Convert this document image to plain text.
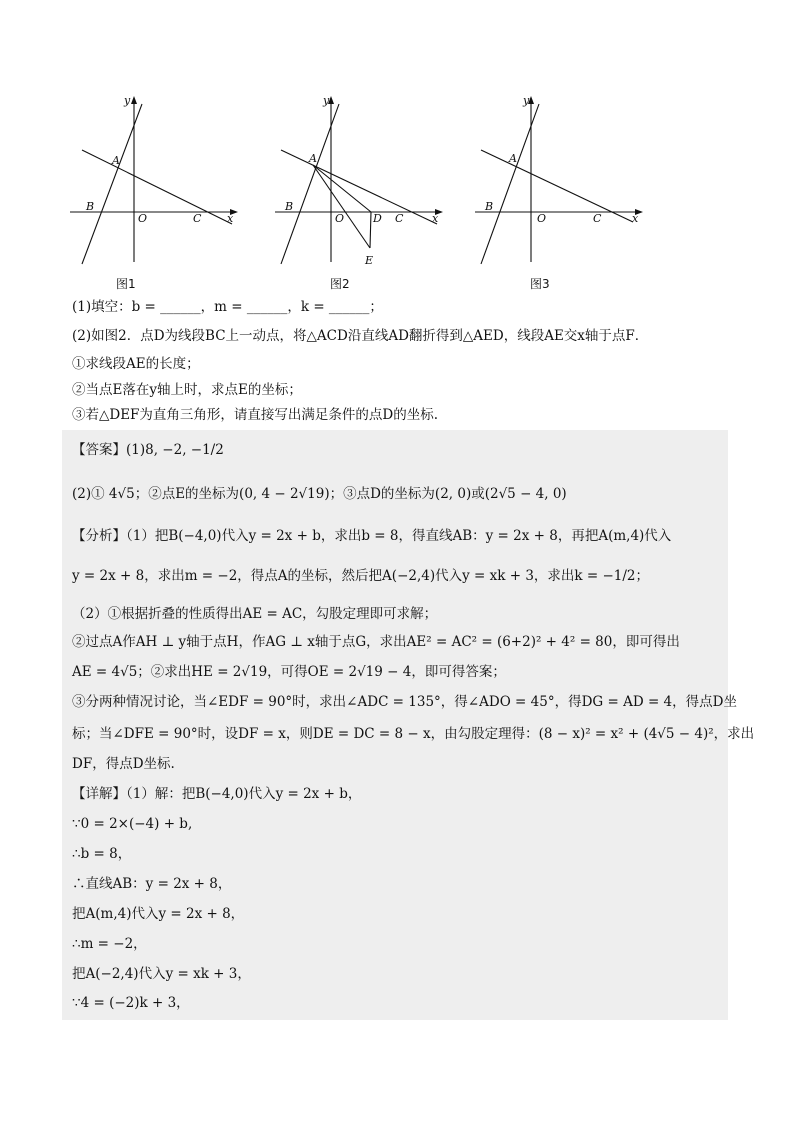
y
x
A
B
O	C
y
x
A
B
O	D C
E
y
x
A
B
O	C
图1	图2	图3
(1)填空：b = ______，m = ______，k = ______；
(2)如图2．点D为线段BC上一动点，将△ACD沿直线AD翻折得到△AED，线段AE交x轴于点F．
①求线段AE的长度；
②当点E落在y轴上时，求点E的坐标；
③若△DEF为直角三角形，请直接写出满足条件的点D的坐标.
【答案】(1)8, −2, −1/2
(2)① 4√5；②点E的坐标为(0, 4 − 2√19)；③点D的坐标为(2, 0)或(2√5 − 4, 0)
【分析】（1）把B(−4,0)代入y = 2x + b，求出b = 8，得直线AB：y = 2x + 8，再把A(m,4)代入
y = 2x + 8，求出m = −2，得点A的坐标，然后把A(−2,4)代入y = xk + 3，求出k = −1/2；
（2）①根据折叠的性质得出AE = AC，勾股定理即可求解；
②过点A作AH ⊥ y轴于点H，作AG ⊥ x轴于点G，求出AE² = AC² = (6+2)² + 4² = 80，即可得出
AE = 4√5；②求出HE = 2√19，可得OE = 2√19 − 4，即可得答案；
③分两种情况讨论，当∠EDF = 90°时，求出∠ADC = 135°，得∠ADO = 45°，得DG = AD = 4，得点D坐
标；当∠DFE = 90°时，设DF = x，则DE = DC = 8 − x，由勾股定理得：(8 − x)² = x² + (4√5 − 4)²，求出
DF，得点D坐标.
【详解】（1）解：把B(−4,0)代入y = 2x + b，
∵0 = 2×(−4) + b,
∴b = 8，
∴直线AB：y = 2x + 8，
把A(m,4)代入y = 2x + 8，
∴m = −2，
把A(−2,4)代入y = xk + 3，
∵4 = (−2)k + 3，
